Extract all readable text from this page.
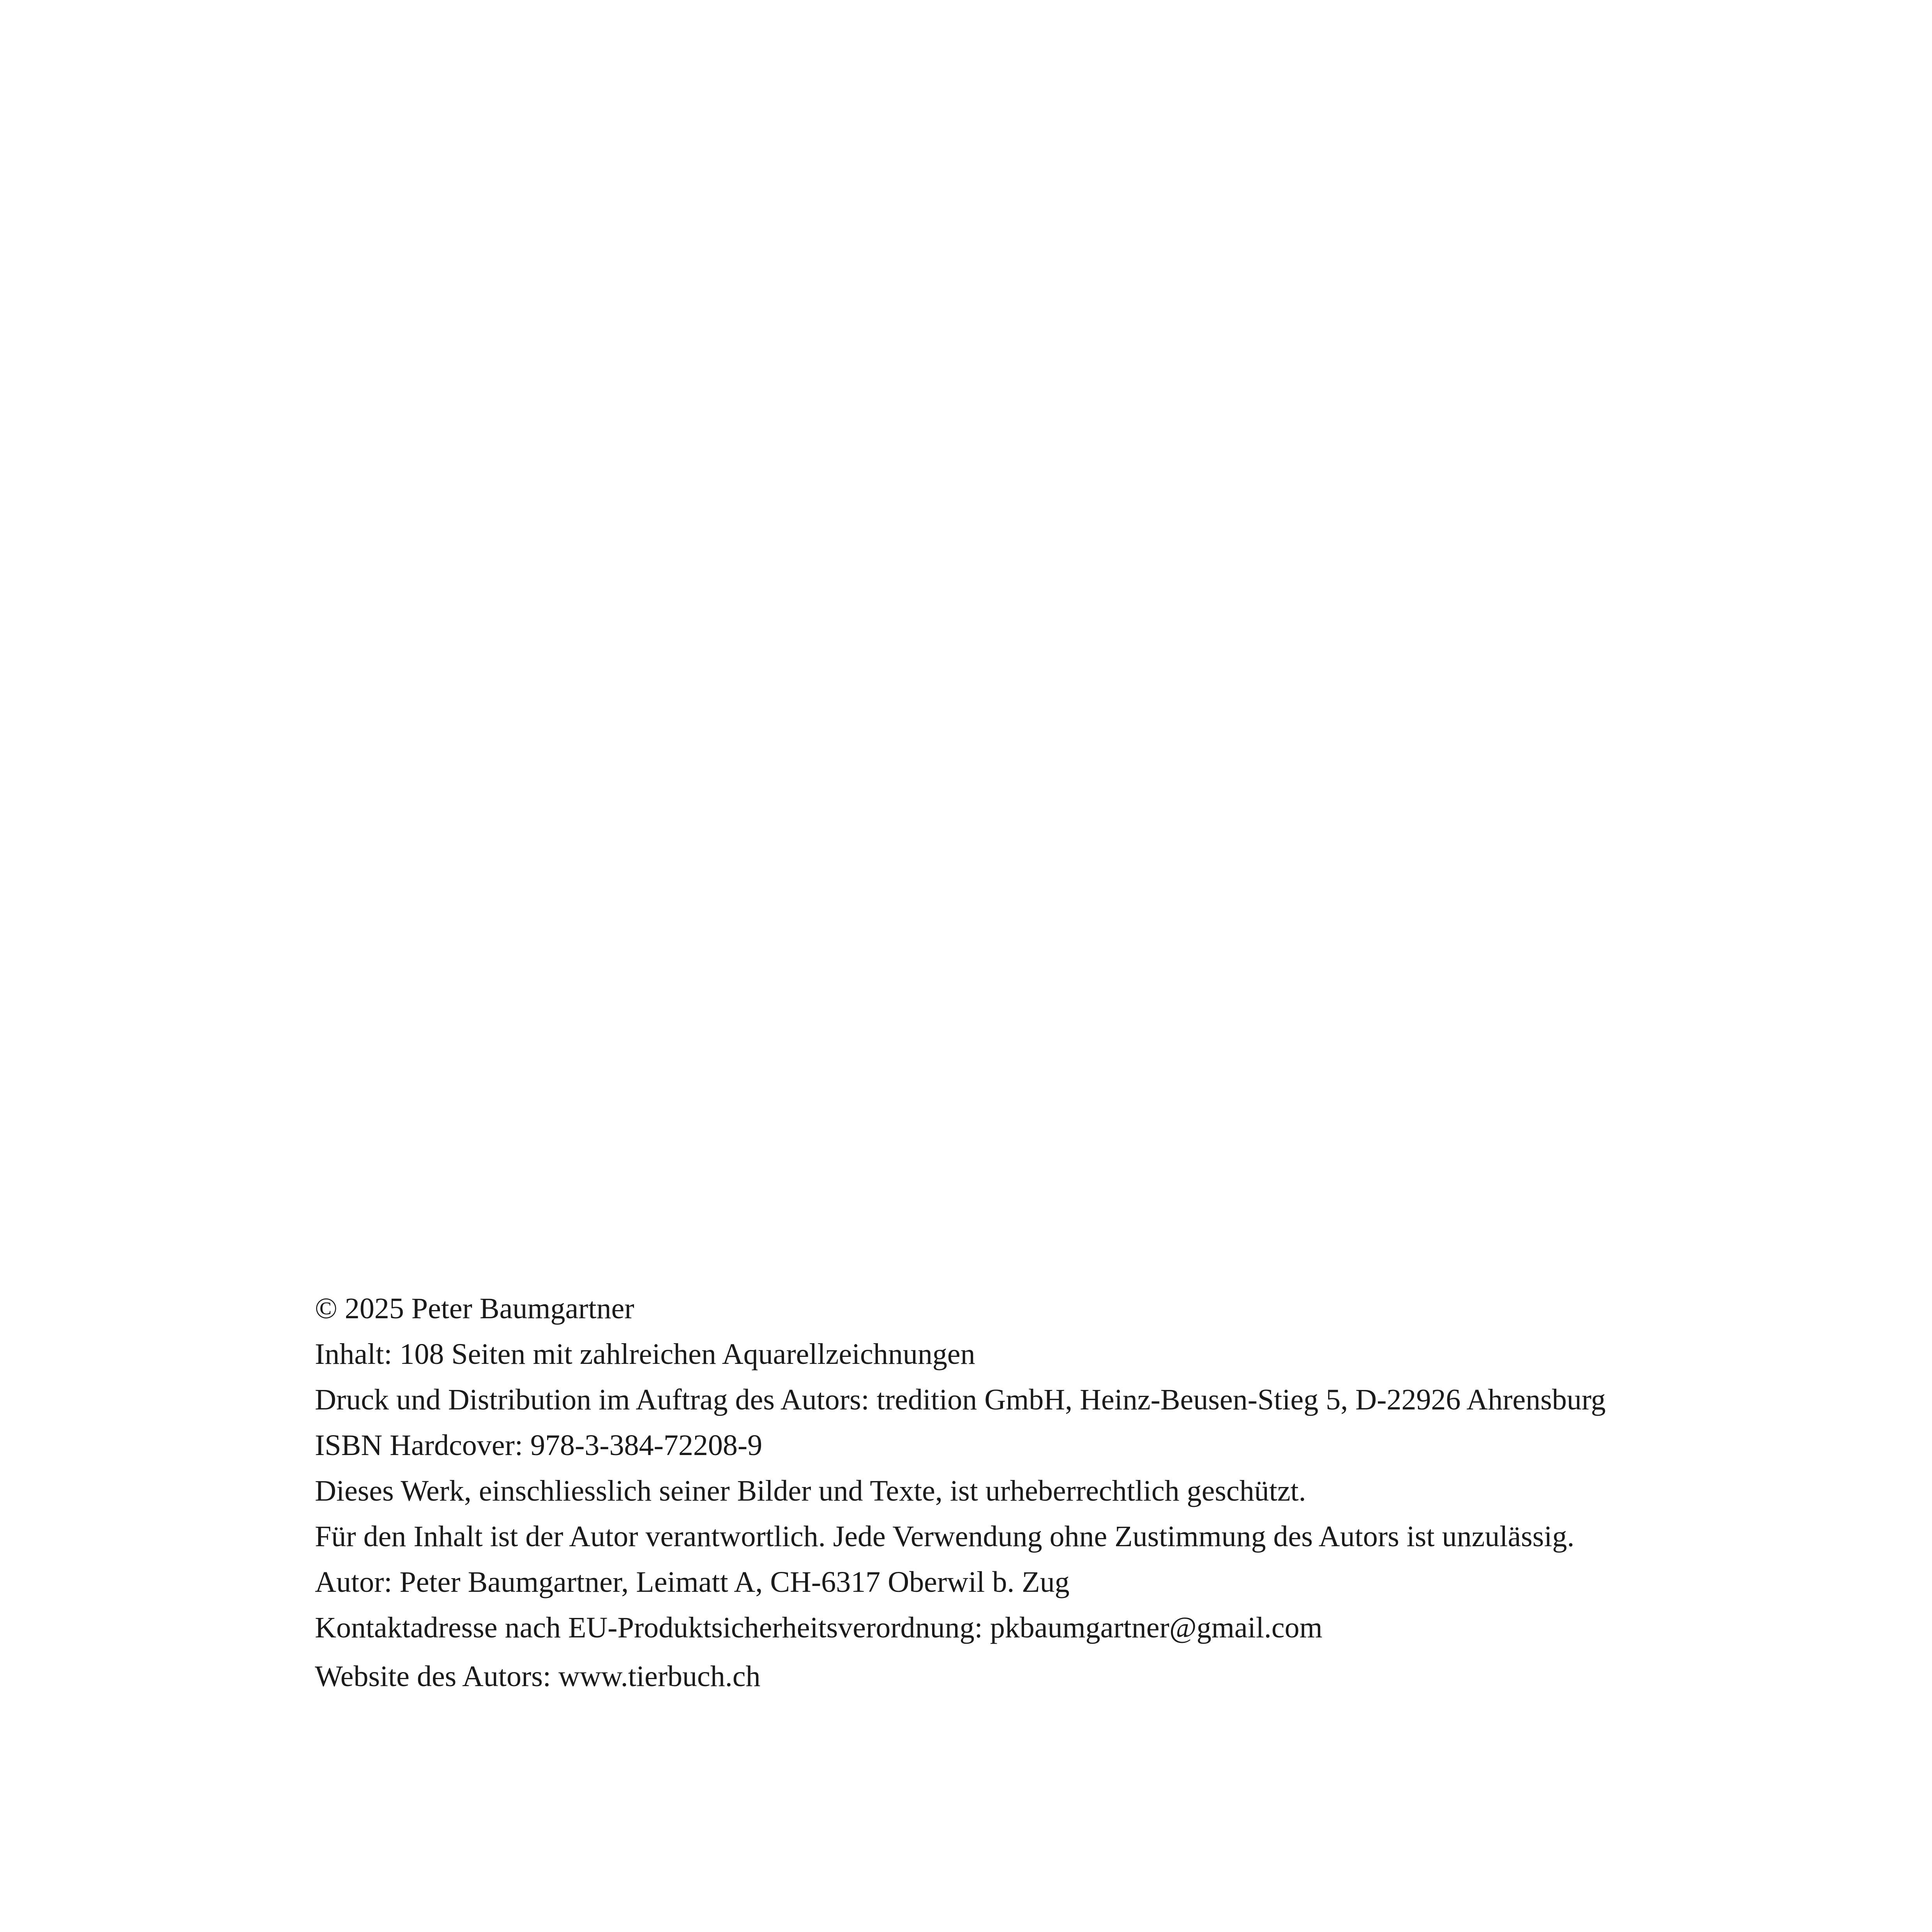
© 2025 Peter Baumgartner
Inhalt: 108 Seiten mit zahlreichen Aquarellzeichnungen
Druck und Distribution im Auftrag des Autors: tredition GmbH, Heinz-Beusen-Stieg 5, D-22926 Ahrensburg
ISBN Hardcover: 978-3-384-72208-9
Dieses Werk, einschliesslich seiner Bilder und Texte, ist urheberrechtlich geschützt.
Für den Inhalt ist der Autor verantwortlich. Jede Verwendung ohne Zustimmung des Autors ist unzulässig.
Autor: Peter Baumgartner, Leimatt A, CH-6317 Oberwil b. Zug
Kontaktadresse nach EU-Produktsicherheitsverordnung: pkbaumgartner@gmail.com
Website des Autors: www.tierbuch.ch
